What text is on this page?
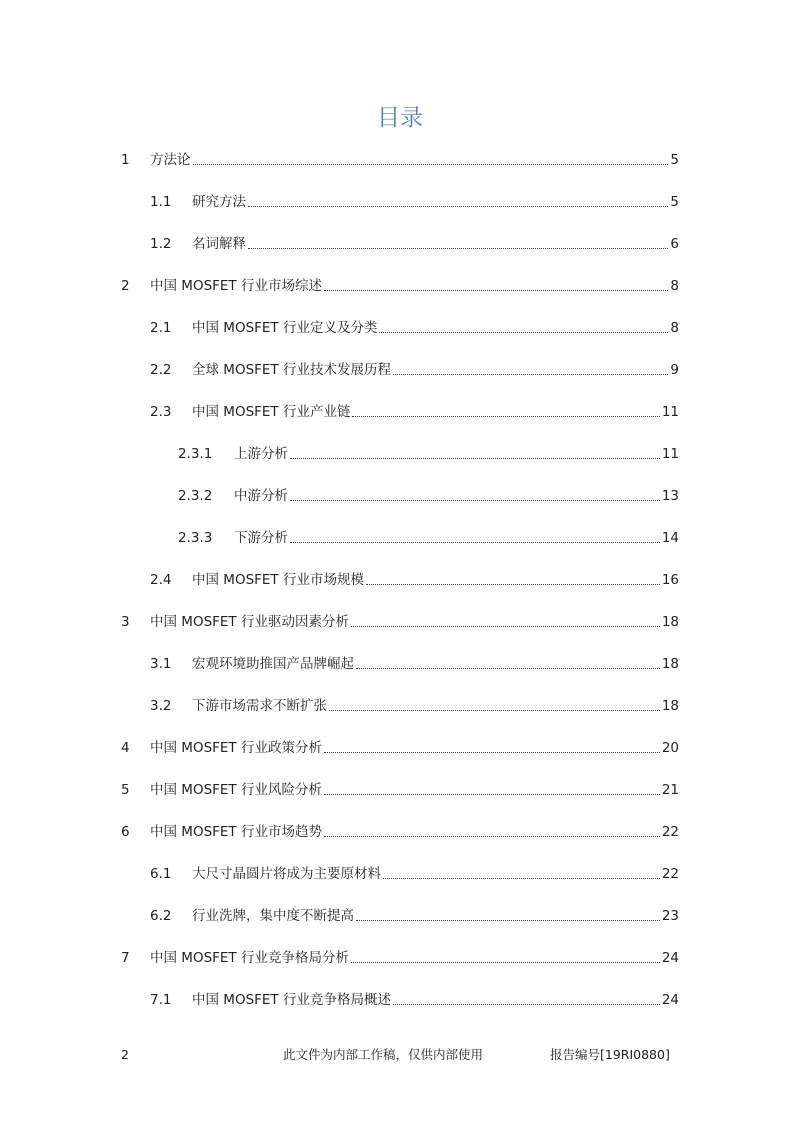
目录
1	方法论	5
1.1	研究方法	5
1.2	名词解释	6
2	中国 MOSFET 行业市场综述	8
2.1	中国 MOSFET 行业定义及分类	8
2.2	全球 MOSFET 行业技术发展历程	9
2.3	中国 MOSFET 行业产业链	11
2.3.1	上游分析	11
2.3.2	中游分析	13
2.3.3	下游分析	14
2.4	中国 MOSFET 行业市场规模	16
3	中国 MOSFET 行业驱动因素分析	18
3.1	宏观环境助推国产品牌崛起	18
3.2	下游市场需求不断扩张	18
4	中国 MOSFET 行业政策分析	20
5	中国 MOSFET 行业风险分析	21
6	中国 MOSFET 行业市场趋势	22
6.1	大尺寸晶圆片将成为主要原材料	22
6.2	行业洗牌，集中度不断提高	23
7	中国 MOSFET 行业竞争格局分析	24
7.1	中国 MOSFET 行业竞争格局概述	24
2	此文件为内部工作稿，仅供内部使用	报告编号[19RI0880]
